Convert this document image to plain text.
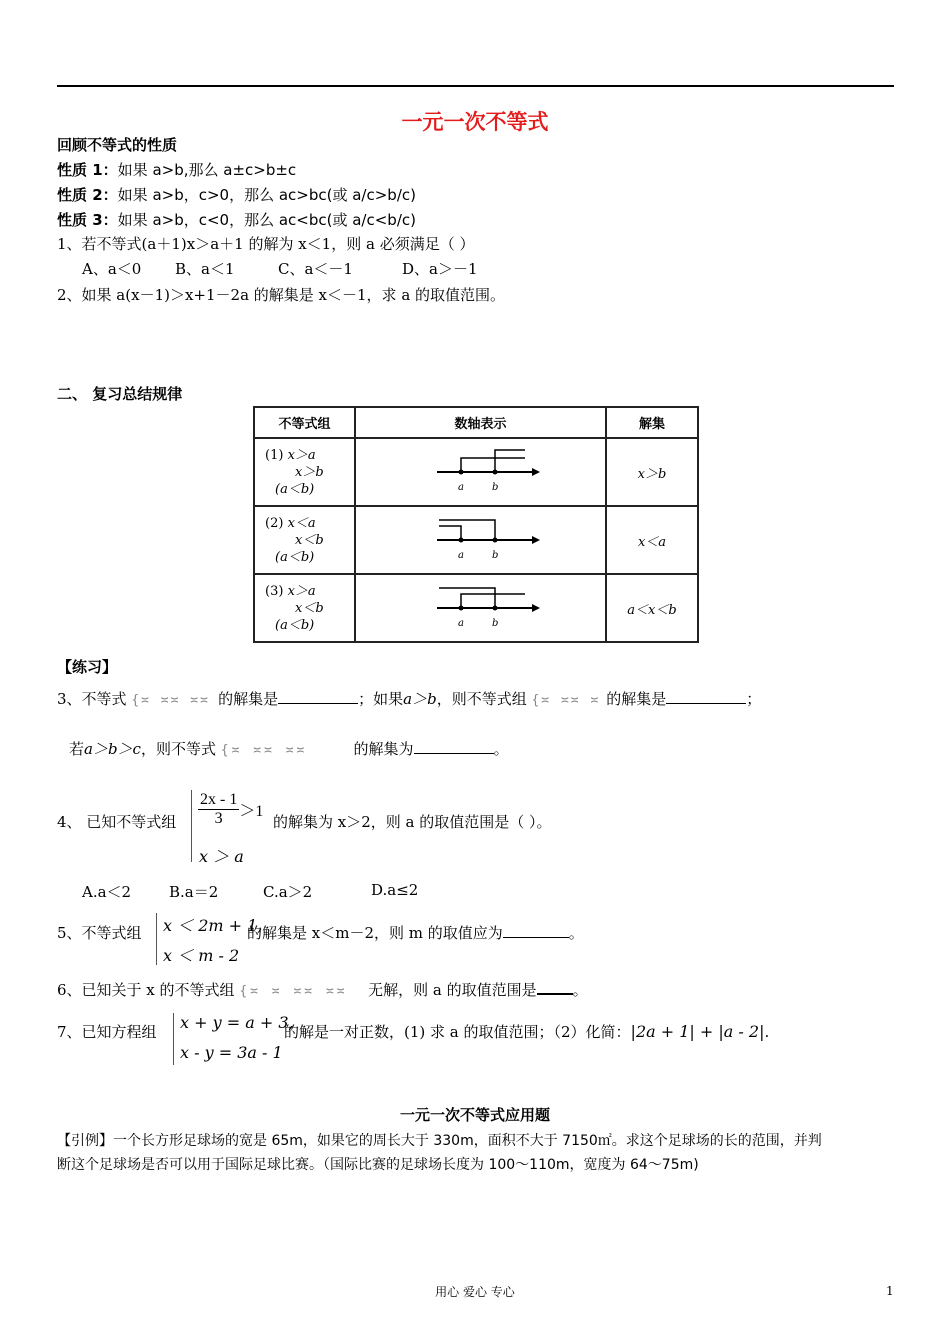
一元一次不等式
回顾不等式的性质
性质 1：如果 a>b,那么 a±c>b±c
性质 2：如果 a>b，c>0，那么 ac>bc(或 a/c>b/c)
性质 3：如果 a>b，c<0，那么 ac<bc(或 a/c<b/c)
1、若不等式(a＋1)x＞a＋1 的解为 x＜1，则 a 必须满足（ ）
A、a＜0 B、a＜1	C、a＜－1	D、a＞－1
2、如果 a(x－1)＞x+1－2a 的解集是 x＜－1，求 a 的取值范围。
二、 复习总结规律
不等式组	数轴表示	解集
(1) x＞a
x＞b
(a＜b)	a b	x＞b
(2) x＜a
x＜b
(a＜b)	a b	x＜a
(3) x＞a
x＜b
(a＜b)	a b	a＜x＜b
【练习】
3、不等式 {≍ ≍≍ ≍≍ 的解集是	；如果a＞b，则不等式组 {≍ ≍≍ ≍ 的解集是	；
若a＞b＞c，则不等式 {≍ ≍≍ ≍≍	的解集为	。
4、 已知不等式组 $\frac{2x - 1}{3} >1$
x ＞ a
的解集为 x＞2，则 a 的取值范围是（ ）。
A.a＜2	B.a＝2	C.a＞2	D.a≤2
5、不等式组 x ＜ 2m + 1,
x ＜ m - 2
的解集是 x＜m－2，则 m 的取值应为	。
6、已知关于 x 的不等式组 {≍ ≍ ≍≍ ≍≍ 无解，则 a 的取值范围是 。
7、已知方程组 x + y = a + 3,
x - y = 3a - 1
的解是一对正数，(1) 求 a 的取值范围；（2）化简：|2a + 1| + |a - 2|.
一元一次不等式应用题
【引例】一个长方形足球场的宽是 65m，如果它的周长大于 330m，面积不大于 7150㎡。求这个足球场的长的范围，并判
断这个足球场是否可以用于国际足球比赛。（国际比赛的足球场长度为 100～110m，宽度为 64～75m)
用心 爱心 专心	1
